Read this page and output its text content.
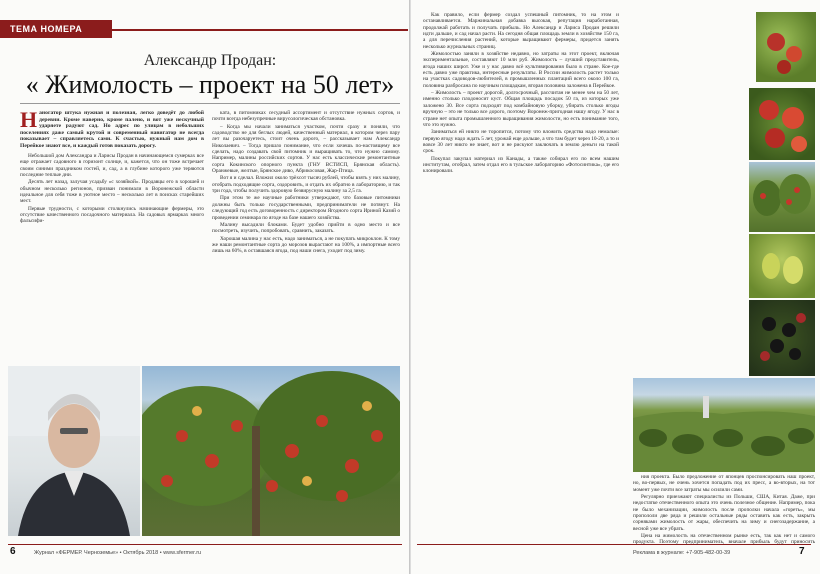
ТЕМА НОМЕРА
Александр Продан:
« Жимолость – проект на 50 лет»

Наногатор штука нужная и полезная, легко доведёт до любой деревни. Кроме наверно, кроме палено, и вот уже нескучный ударяете радуют сад. Но адрес по улицам в небольших поселениях даже самый крутой и современный навигатор не всегда показывает – справляетесь сами. К счастью, нужный нам дом в Перейкое знают все, и каждый готов показать дорогу.

Небольшой дом Александра и Ларисы Продан в начинающемся сумерках все еще отражает садовного в горизонт солнце, и, кажется, что он тоже встречает своим синими праздником гостей, и, сад, а в глубине которого уже теряются последние теплые дни.

Десять лет назад, залучая усадьбу «с хозяйкой». Продавцы его в хорошей и обычном несколько регионов, призван понимали в Воронежской области идеальное для себя тоже в уютное место – несколько лет в поисках старейших мест.

Первые трудности, с которыми столкнулись начинающие фермеры, это отсутствие качественного посадочного материала. На садовых ярмарках много фальсифи-

ката, в питомниках сесудный ассортимент и отсутствие нужных сортов, и почти всегда небезупречные вирусологическая обстановка.

– Когда мы начали заниматься участком, почти сразу и поняли, что садоводство не для беглых людей, качественный материал, в котором через пару лет вы разочаруетесь, стоит очень дорого, – рассказывает нам Александр Николаевич. – Тогда пришло понимание, что если хочешь по-настоящему все сделать, надо создавать свой питомник и выращивать то, что нужно самому. Например, малины российских сортов. У нас есть классические ремонтантные сорта Кокинского опорного пункта (ГНУ ВСТИСП, Брянская область). Оранжевые, желтые, Брянское диво, Абрикосовая, Жар-Птица.

Вот я и сделал. Вложил около трёхсот тысяч рублей, чтобы взять у них малину, отобрать подходящие сорта, оздоровить, и отдать их обратно в лабораторию, и так три года, чтобы получить здоровую безвирусную малину за 2,5 га.

При этом те же научные работники утверждают, что базовые питомники должны быть только государственными, предприниматели не потянут. На следующий год есть договоренность с директором Ягодного сорта Ириной Казий о проведении семинара по ягоде на базе нашего хозяйства.

Малину высадили блоками. Будет удобно прийти в одно место и все посмотреть, изучить, попробовать, сравнить, заказать.

Хорошая малина у нас есть, надо заниматься, а не покупать микроклон. К тому же наши ремонтантные сорта до морозов вырастают на 100%, а импортные всего лишь на 60%, в оставшаяся ягода, под наши снега, уходит под зиму.

6	Журнал «ФЕРМЕР. Черноземье» • Октябрь 2018 • www.sfermer.ru

Как правило, если фермер создал успешный питомник, то на этом и останавливается. Маржинальная добавка высокая, репутация наработанная, продолжай работать и получать прибыль. Но Александр и Лариса Продан решили идти дальше, и сад начал расти. На сегодня общая площадь земли в хозяйстве 150 га, а для перечисления растений, которые выращивают фермеры, придется занять несколько журнальных страниц.

Жимолостью заняли в хозяйстве недавно, но затраты на этот проект, включая экспериментальные, составляют 10 млн руб. Жимолость – лучший представитель, ягода наших широт. Уже и у нас давно всё культивирования было в стране. Кое-где есть давно уже практика, интересные результаты. В России жимолость растет только на участках садоводов-любителей, в промышленных плантаций всего около 100 га, половина разбросана по научным площадкам, вторая половина заложена в Перейкое.

– Жимолость – проект дорогой, долгосрочный, рассчитан не менее чем на 50 лет, именно столько плодоносит куст. Общая площадь посадок 50 га, из которых уже заложено 30. Все сорта подходят под комбайновую уборку, убирать столько ягоды вручную – это не только все дорого, поэтому Воронеж-пригодная нашу ягоду. У нас в стране нет опыта промышленного выращивания жимолости, но есть понимание того, что это нужно.

Заниматься ей никто не торопится, потому что вложить средства надо немалые: первую ягоду надо ждать 5 лет, урожай еще дольше, а что там будет через 10-20, а то и вовсе 30 лет никто не знает, вот и не рискуют заключать в землю деньги на такой срок.

Покупал закупал материал из Канады, а также собирал его по всем нашим институтам, отобрал, затем отдал его в тульское лабораторию «Фотосинтика», где его клонировали.

ния проекта. Было предложение от японцев проспонсировать наш проект, но, во-первых, не очень хочется попадать под их пресс, а во-вторых, на тот момент уже почти все затраты мы осилили сами.

Регулярно приезжают специалисты из Польши, США, Китая. Даже, при недостатке отечественного опыта это очень полезное общение. Например, пока не было механизации, жимолость после прополки начала «гореть», мы пропололи две ряда и решили остальные ряды оставить как есть, закрыть сорняками жимолость от жары, обеспечить на зиму и снегозадержание, а весной уже все убрать.

Цена на жимолость на отечественном рынке есть, так как нет и самого продукта. Поэтому предприниматель, вначале прибыль будут приносить

Реклама в журнале: +7-905-482-00-39	7
